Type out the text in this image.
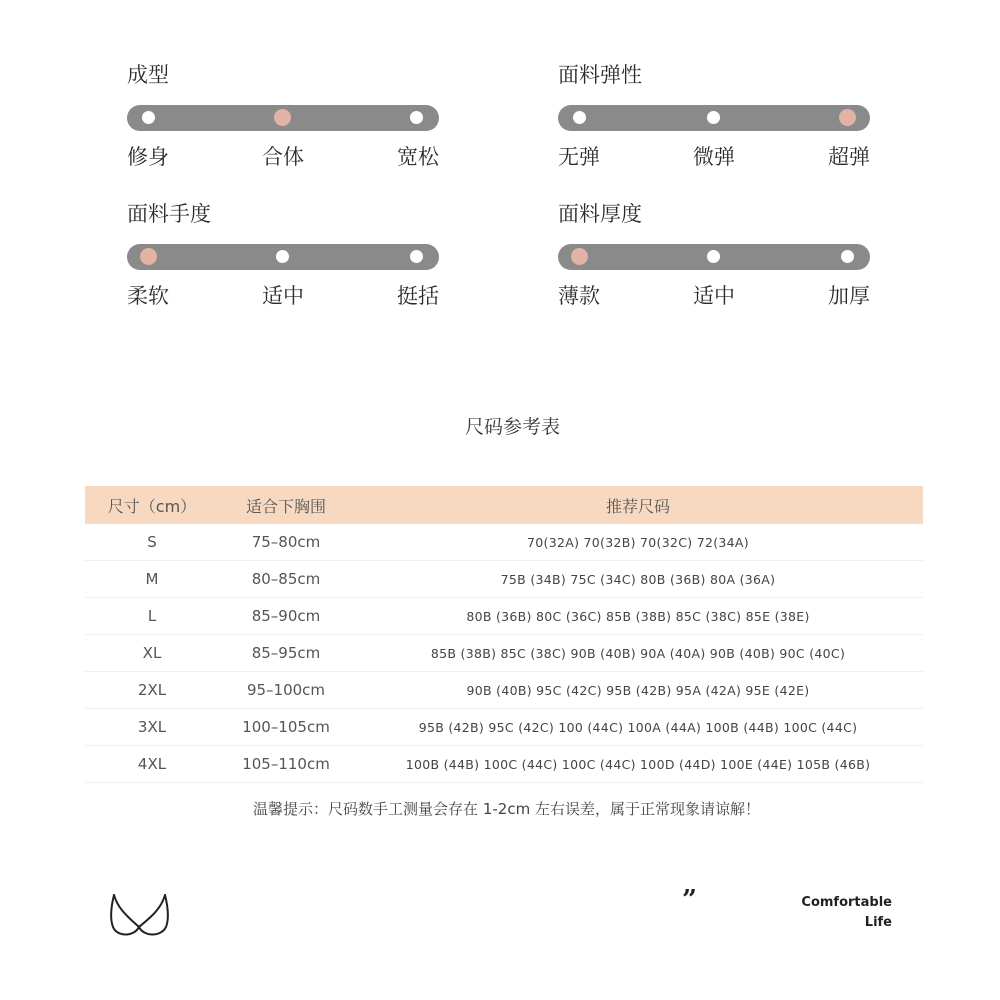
成型
修身	合体	宽松
面料弹性
无弹	微弹	超弹
面料手度
柔软	适中	挺括
面料厚度
薄款	适中	加厚
尺码参考表
尺寸（cm）	适合下胸围	推荐尺码
S	75–80cm	70(32A) 70(32B) 70(32C) 72(34A)
M	80–85cm	75B (34B) 75C (34C) 80B (36B) 80A (36A)
L	85–90cm	80B (36B) 80C (36C) 85B (38B) 85C (38C) 85E (38E)
XL	85–95cm	85B (38B) 85C (38C) 90B (40B) 90A (40A) 90B (40B) 90C (40C)
2XL	95–100cm	90B (40B) 95C (42C) 95B (42B) 95A (42A) 95E (42E)
3XL	100–105cm	95B (42B) 95C (42C) 100 (44C) 100A (44A) 100B (44B) 100C (44C)
4XL	105–110cm	100B (44B) 100C (44C) 100C (44C) 100D (44D) 100E (44E) 105B (46B)
温馨提示：尺码数手工测量会存在 1-2cm 左右误差，属于正常现象请谅解！
”	Comfortable
Life
